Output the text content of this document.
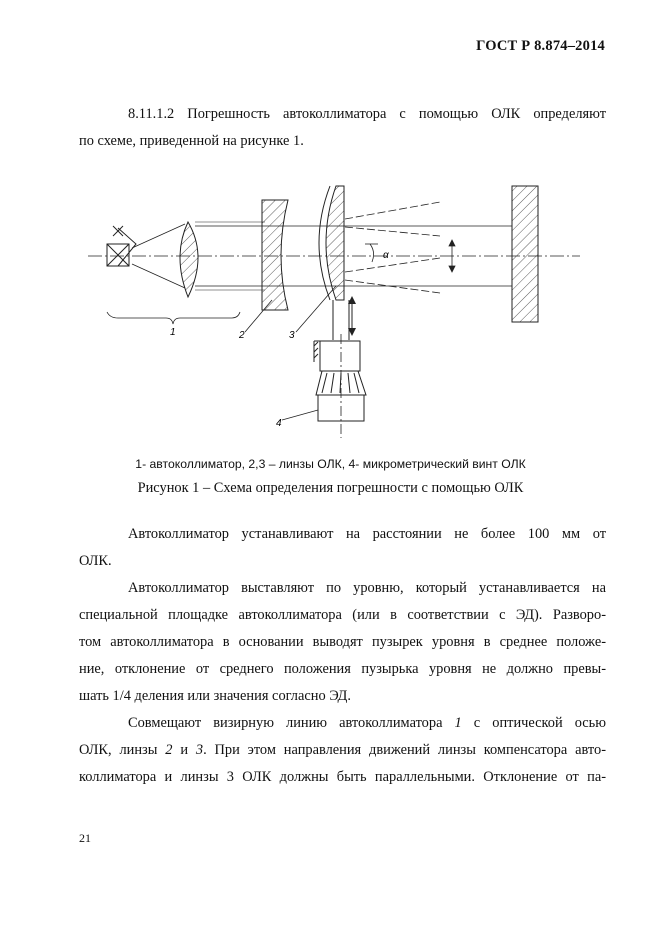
ГОСТ Р 8.874–2014
8.11.1.2 Погрешность автоколлиматора с помощью ОЛК определяют
по схеме, приведенной на рисунке 1.
α
1	2	3
4
1- автоколлиматор, 2,3 – линзы ОЛК, 4- микрометрический винт ОЛК
Рисунок 1 – Схема определения погрешности с помощью ОЛК
Автоколлиматор устанавливают на расстоянии не более 100 мм от
ОЛК.
Автоколлиматор выставляют по уровню, который устанавливается на
специальной площадке автоколлиматора (или в соответствии с ЭД). Разворо-
том автоколлиматора в основании выводят пузырек уровня в среднее положе-
ние, отклонение от среднего положения пузырька уровня не должно превы-
шать 1/4 деления или значения согласно ЭД.
Совмещают визирную линию автоколлиматора 1 с оптической осью
ОЛК, линзы 2 и 3. При этом направления движений линзы компенсатора авто-
коллиматора и линзы 3 ОЛК должны быть параллельными. Отклонение от па-
21
